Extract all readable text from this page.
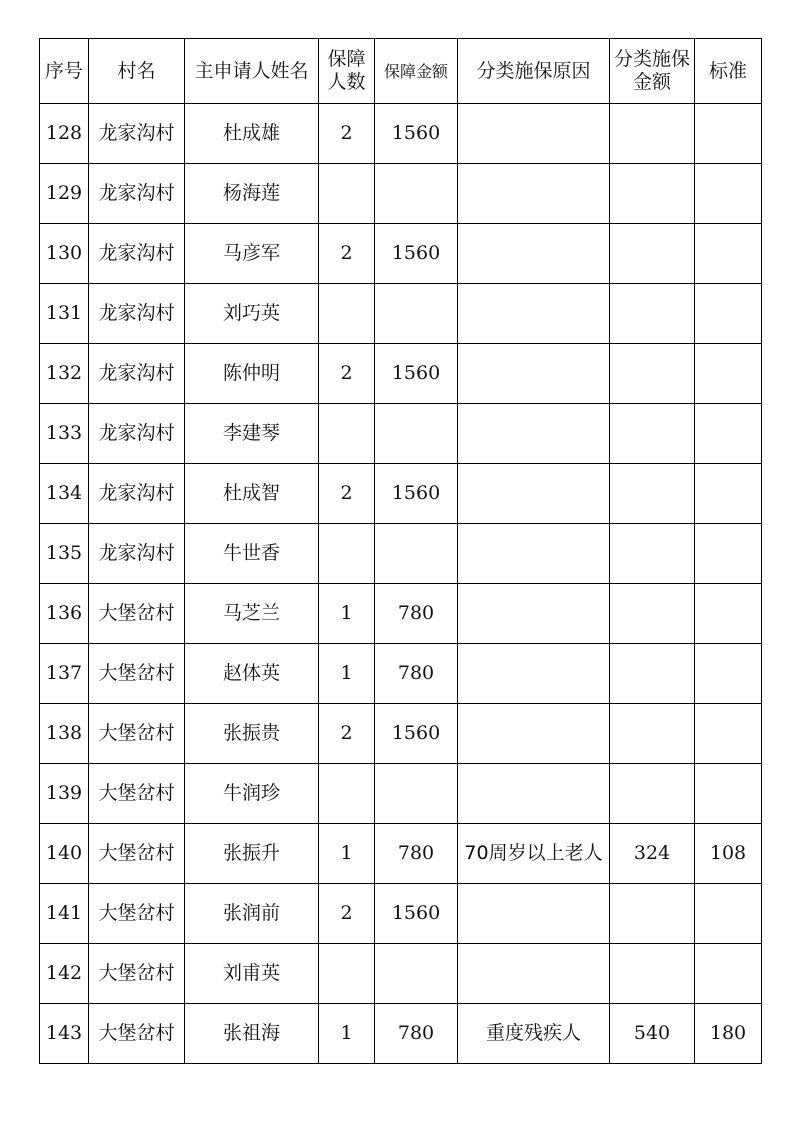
序号	村名	主申请人姓名	保障人数	保障金额	分类施保原因	分类施保金额	标准
128	龙家沟村	杜成雄	2	1560			
129	龙家沟村	杨海莲					
130	龙家沟村	马彦军	2	1560			
131	龙家沟村	刘巧英					
132	龙家沟村	陈仲明	2	1560			
133	龙家沟村	李建琴					
134	龙家沟村	杜成智	2	1560			
135	龙家沟村	牛世香					
136	大堡岔村	马芝兰	1	780			
137	大堡岔村	赵体英	1	780			
138	大堡岔村	张振贵	2	1560			
139	大堡岔村	牛润珍					
140	大堡岔村	张振升	1	780	70周岁以上老人	324	108
141	大堡岔村	张润前	2	1560			
142	大堡岔村	刘甫英					
143	大堡岔村	张祖海	1	780	重度残疾人	540	180
